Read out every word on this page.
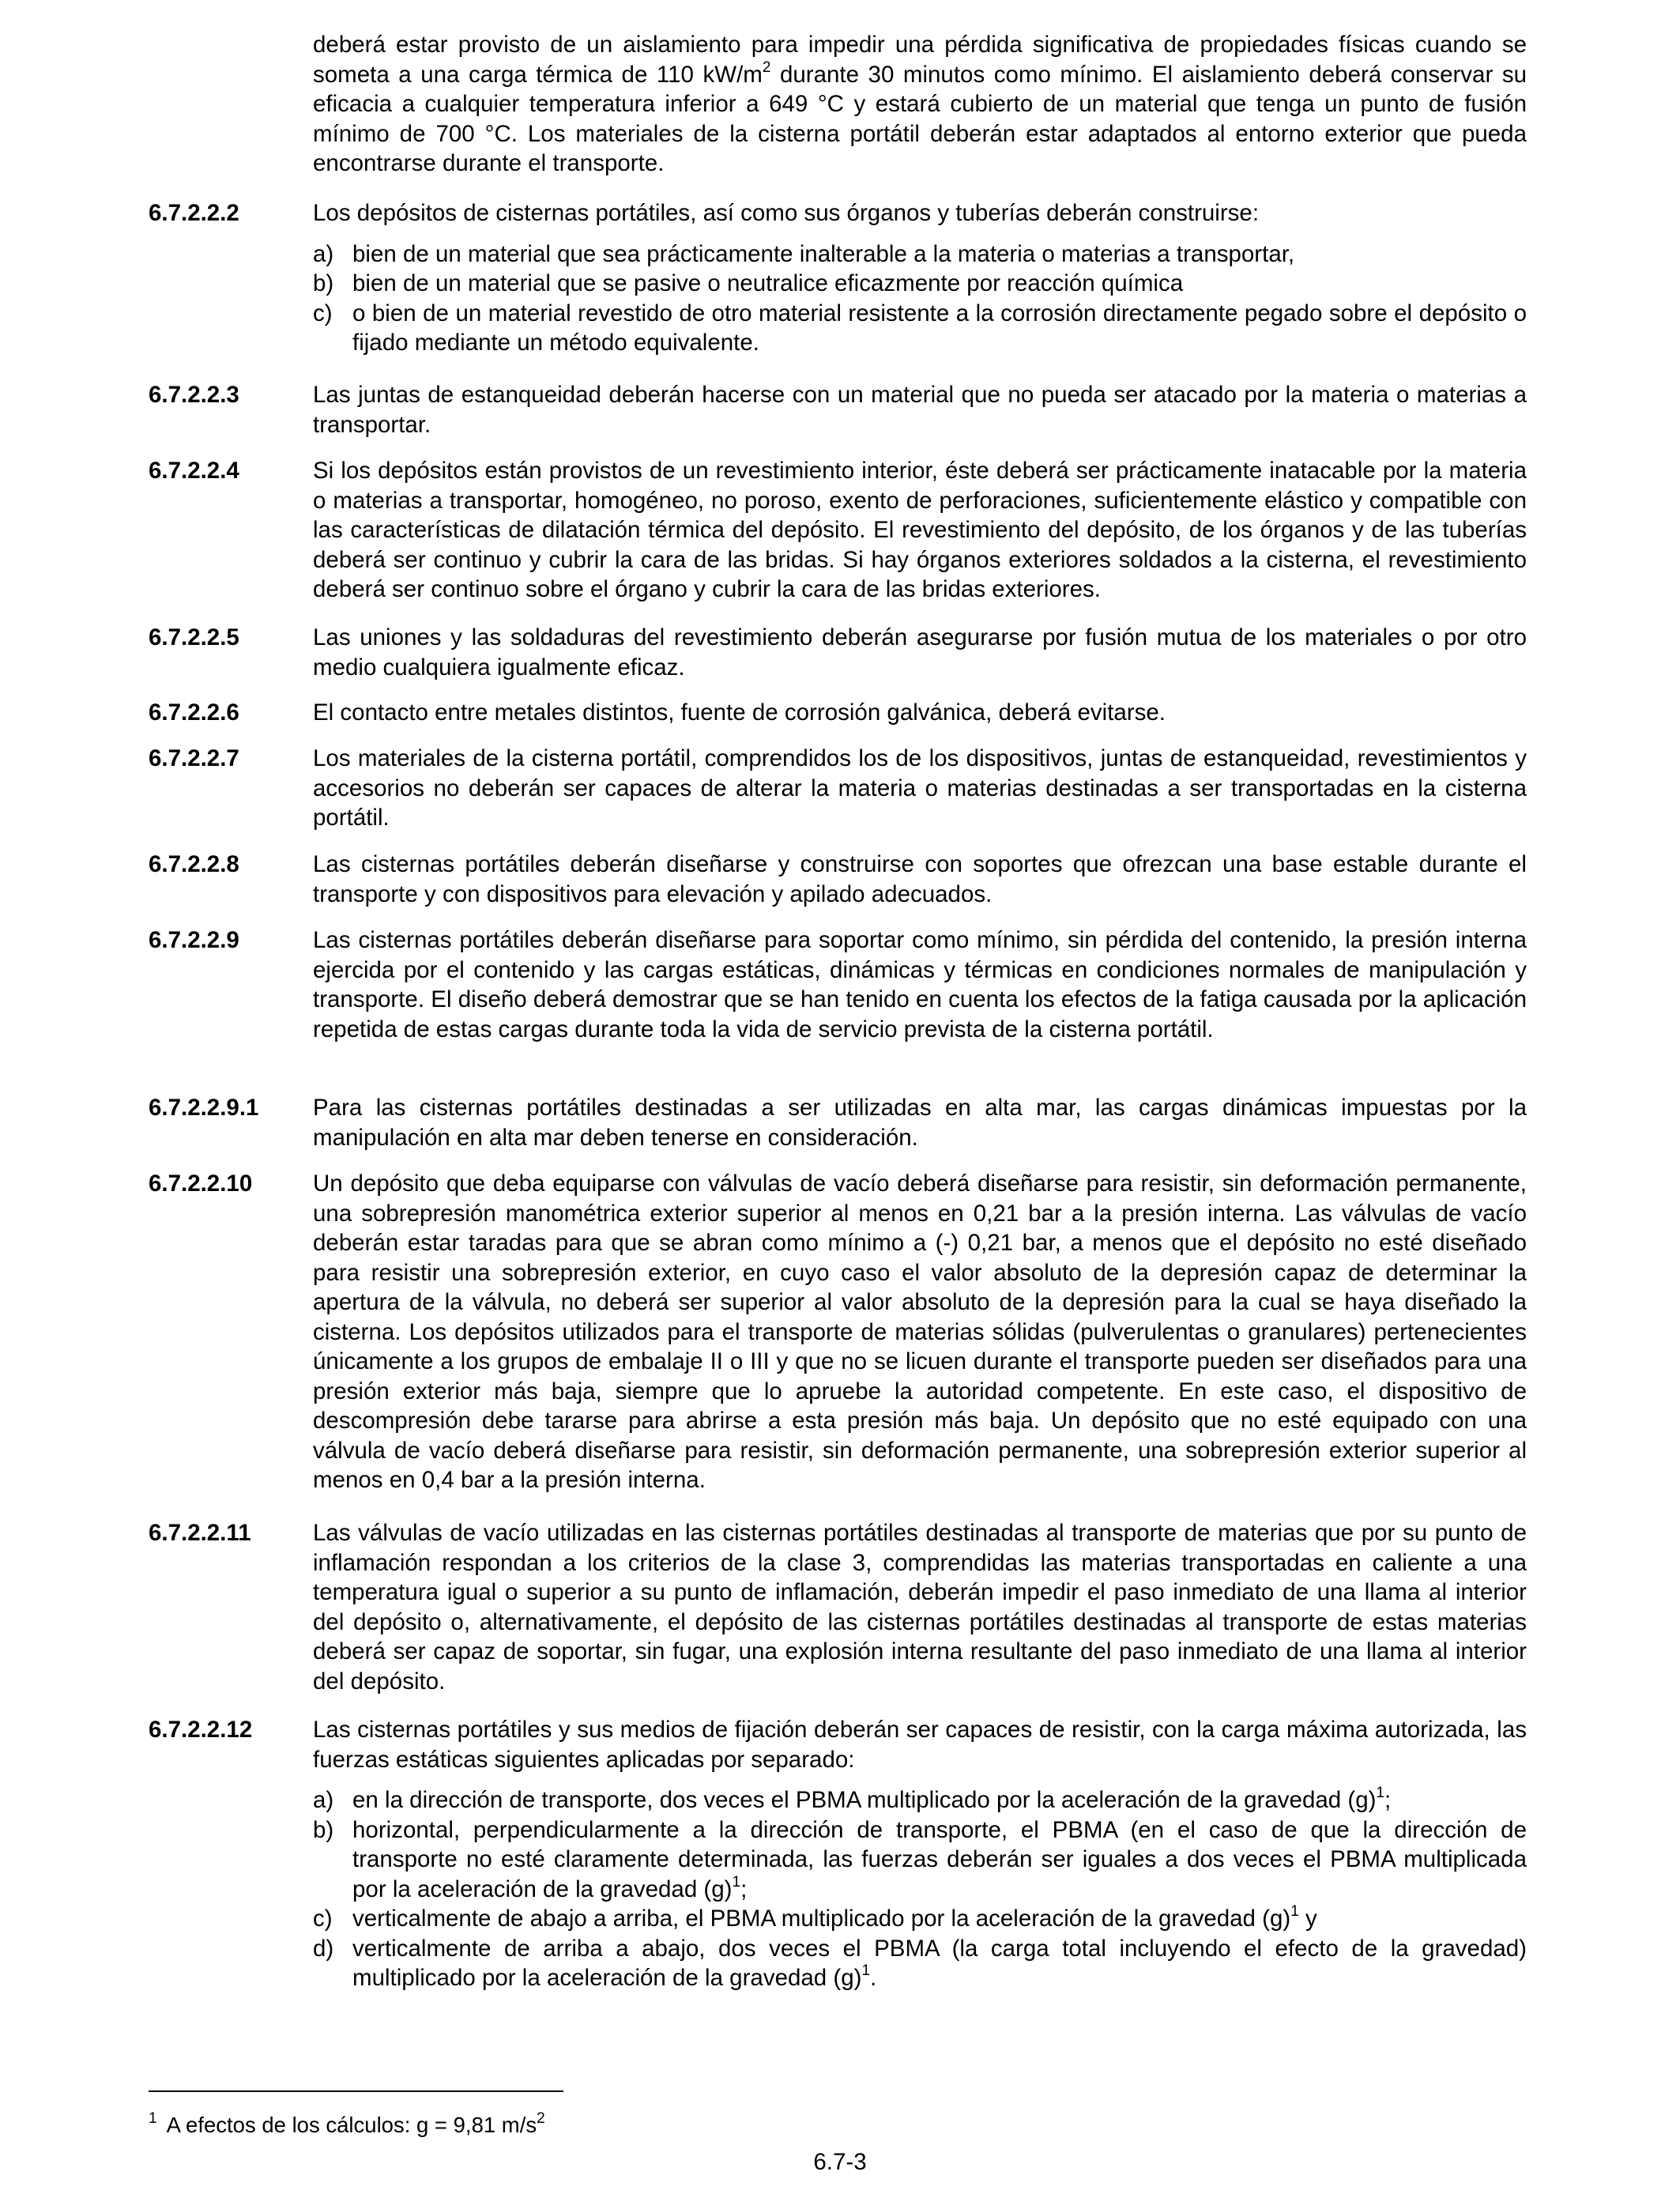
deberá estar provisto de un aislamiento para impedir una pérdida significativa de propiedades físicas cuando se someta a una carga térmica de 110 $kW/m^2$ durante 30 minutos como mínimo. El aislamiento deberá conservar su eficacia a cualquier temperatura inferior a 649 °C y estará cubierto de un material que tenga un punto de fusión mínimo de 700 °C. Los materiales de la cisterna portátil deberán estar adaptados al entorno exterior que pueda encontrarse durante el transporte.
6.7.2.2.2	Los depósitos de cisternas portátiles, así como sus órganos y tuberías deberán construirse:
a) bien de un material que sea prácticamente inalterable a la materia o materias a transportar,
b) bien de un material que se pasive o neutralice eficazmente por reacción química
c) o bien de un material revestido de otro material resistente a la corrosión directamente pegado sobre el depósito o fijado mediante un método equivalente.
6.7.2.2.3	Las juntas de estanqueidad deberán hacerse con un material que no pueda ser atacado por la materia o materias a transportar.
6.7.2.2.4	Si los depósitos están provistos de un revestimiento interior, éste deberá ser prácticamente inatacable por la materia o materias a transportar, homogéneo, no poroso, exento de perforaciones, suficientemente elástico y compatible con las características de dilatación térmica del depósito. El revestimiento del depósito, de los órganos y de las tuberías deberá ser continuo y cubrir la cara de las bridas. Si hay órganos exteriores soldados a la cisterna, el revestimiento deberá ser continuo sobre el órgano y cubrir la cara de las bridas exteriores.
6.7.2.2.5	Las uniones y las soldaduras del revestimiento deberán asegurarse por fusión mutua de los materiales o por otro medio cualquiera igualmente eficaz.
6.7.2.2.6	El contacto entre metales distintos, fuente de corrosión galvánica, deberá evitarse.
6.7.2.2.7	Los materiales de la cisterna portátil, comprendidos los de los dispositivos, juntas de estanqueidad, revestimientos y accesorios no deberán ser capaces de alterar la materia o materias destinadas a ser transportadas en la cisterna portátil.
6.7.2.2.8	Las cisternas portátiles deberán diseñarse y construirse con soportes que ofrezcan una base estable durante el transporte y con dispositivos para elevación y apilado adecuados.
6.7.2.2.9	Las cisternas portátiles deberán diseñarse para soportar como mínimo, sin pérdida del contenido, la presión interna ejercida por el contenido y las cargas estáticas, dinámicas y térmicas en condiciones normales de manipulación y transporte. El diseño deberá demostrar que se han tenido en cuenta los efectos de la fatiga causada por la aplicación repetida de estas cargas durante toda la vida de servicio prevista de la cisterna portátil.
6.7.2.2.9.1 Para las cisternas portátiles destinadas a ser utilizadas en alta mar, las cargas dinámicas impuestas por la manipulación en alta mar deben tenerse en consideración.
6.7.2.2.10	Un depósito que deba equiparse con válvulas de vacío deberá diseñarse para resistir, sin deformación permanente, una sobrepresión manométrica exterior superior al menos en 0,21 bar a la presión interna. Las válvulas de vacío deberán estar taradas para que se abran como mínimo a (-) 0,21 bar, a menos que el depósito no esté diseñado para resistir una sobrepresión exterior, en cuyo caso el valor absoluto de la depresión capaz de determinar la apertura de la válvula, no deberá ser superior al valor absoluto de la depresión para la cual se haya diseñado la cisterna. Los depósitos utilizados para el transporte de materias sólidas (pulverulentas o granulares) pertenecientes únicamente a los grupos de embalaje II o III y que no se licuen durante el transporte pueden ser diseñados para una presión exterior más baja, siempre que lo apruebe la autoridad competente. En este caso, el dispositivo de descompresión debe tararse para abrirse a esta presión más baja. Un depósito que no esté equipado con una válvula de vacío deberá diseñarse para resistir, sin deformación permanente, una sobrepresión exterior superior al menos en 0,4 bar a la presión interna.
6.7.2.2.11	Las válvulas de vacío utilizadas en las cisternas portátiles destinadas al transporte de materias que por su punto de inflamación respondan a los criterios de la clase 3, comprendidas las materias transportadas en caliente a una temperatura igual o superior a su punto de inflamación, deberán impedir el paso inmediato de una llama al interior del depósito o, alternativamente, el depósito de las cisternas portátiles destinadas al transporte de estas materias deberá ser capaz de soportar, sin fugar, una explosión interna resultante del paso inmediato de una llama al interior del depósito.
6.7.2.2.12	Las cisternas portátiles y sus medios de fijación deberán ser capaces de resistir, con la carga máxima autorizada, las fuerzas estáticas siguientes aplicadas por separado:
a) en la dirección de transporte, dos veces el PBMA multiplicado por la aceleración de la gravedad $(g)^1$;
b) horizontal, perpendicularmente a la dirección de transporte, el PBMA (en el caso de que la dirección de transporte no esté claramente determinada, las fuerzas deberán ser iguales a dos veces el PBMA multiplicada por la aceleración de la gravedad $(g)^1$;
c) verticalmente de abajo a arriba, el PBMA multiplicado por la aceleración de la gravedad $(g)^1$ y
d) verticalmente de arriba a abajo, dos veces el PBMA (la carga total incluyendo el efecto de la gravedad) multiplicado por la aceleración de la gravedad $(g)^1$.
$^1$ A efectos de los cálculos: g = 9,81 $m/s^2$
6.7-3
